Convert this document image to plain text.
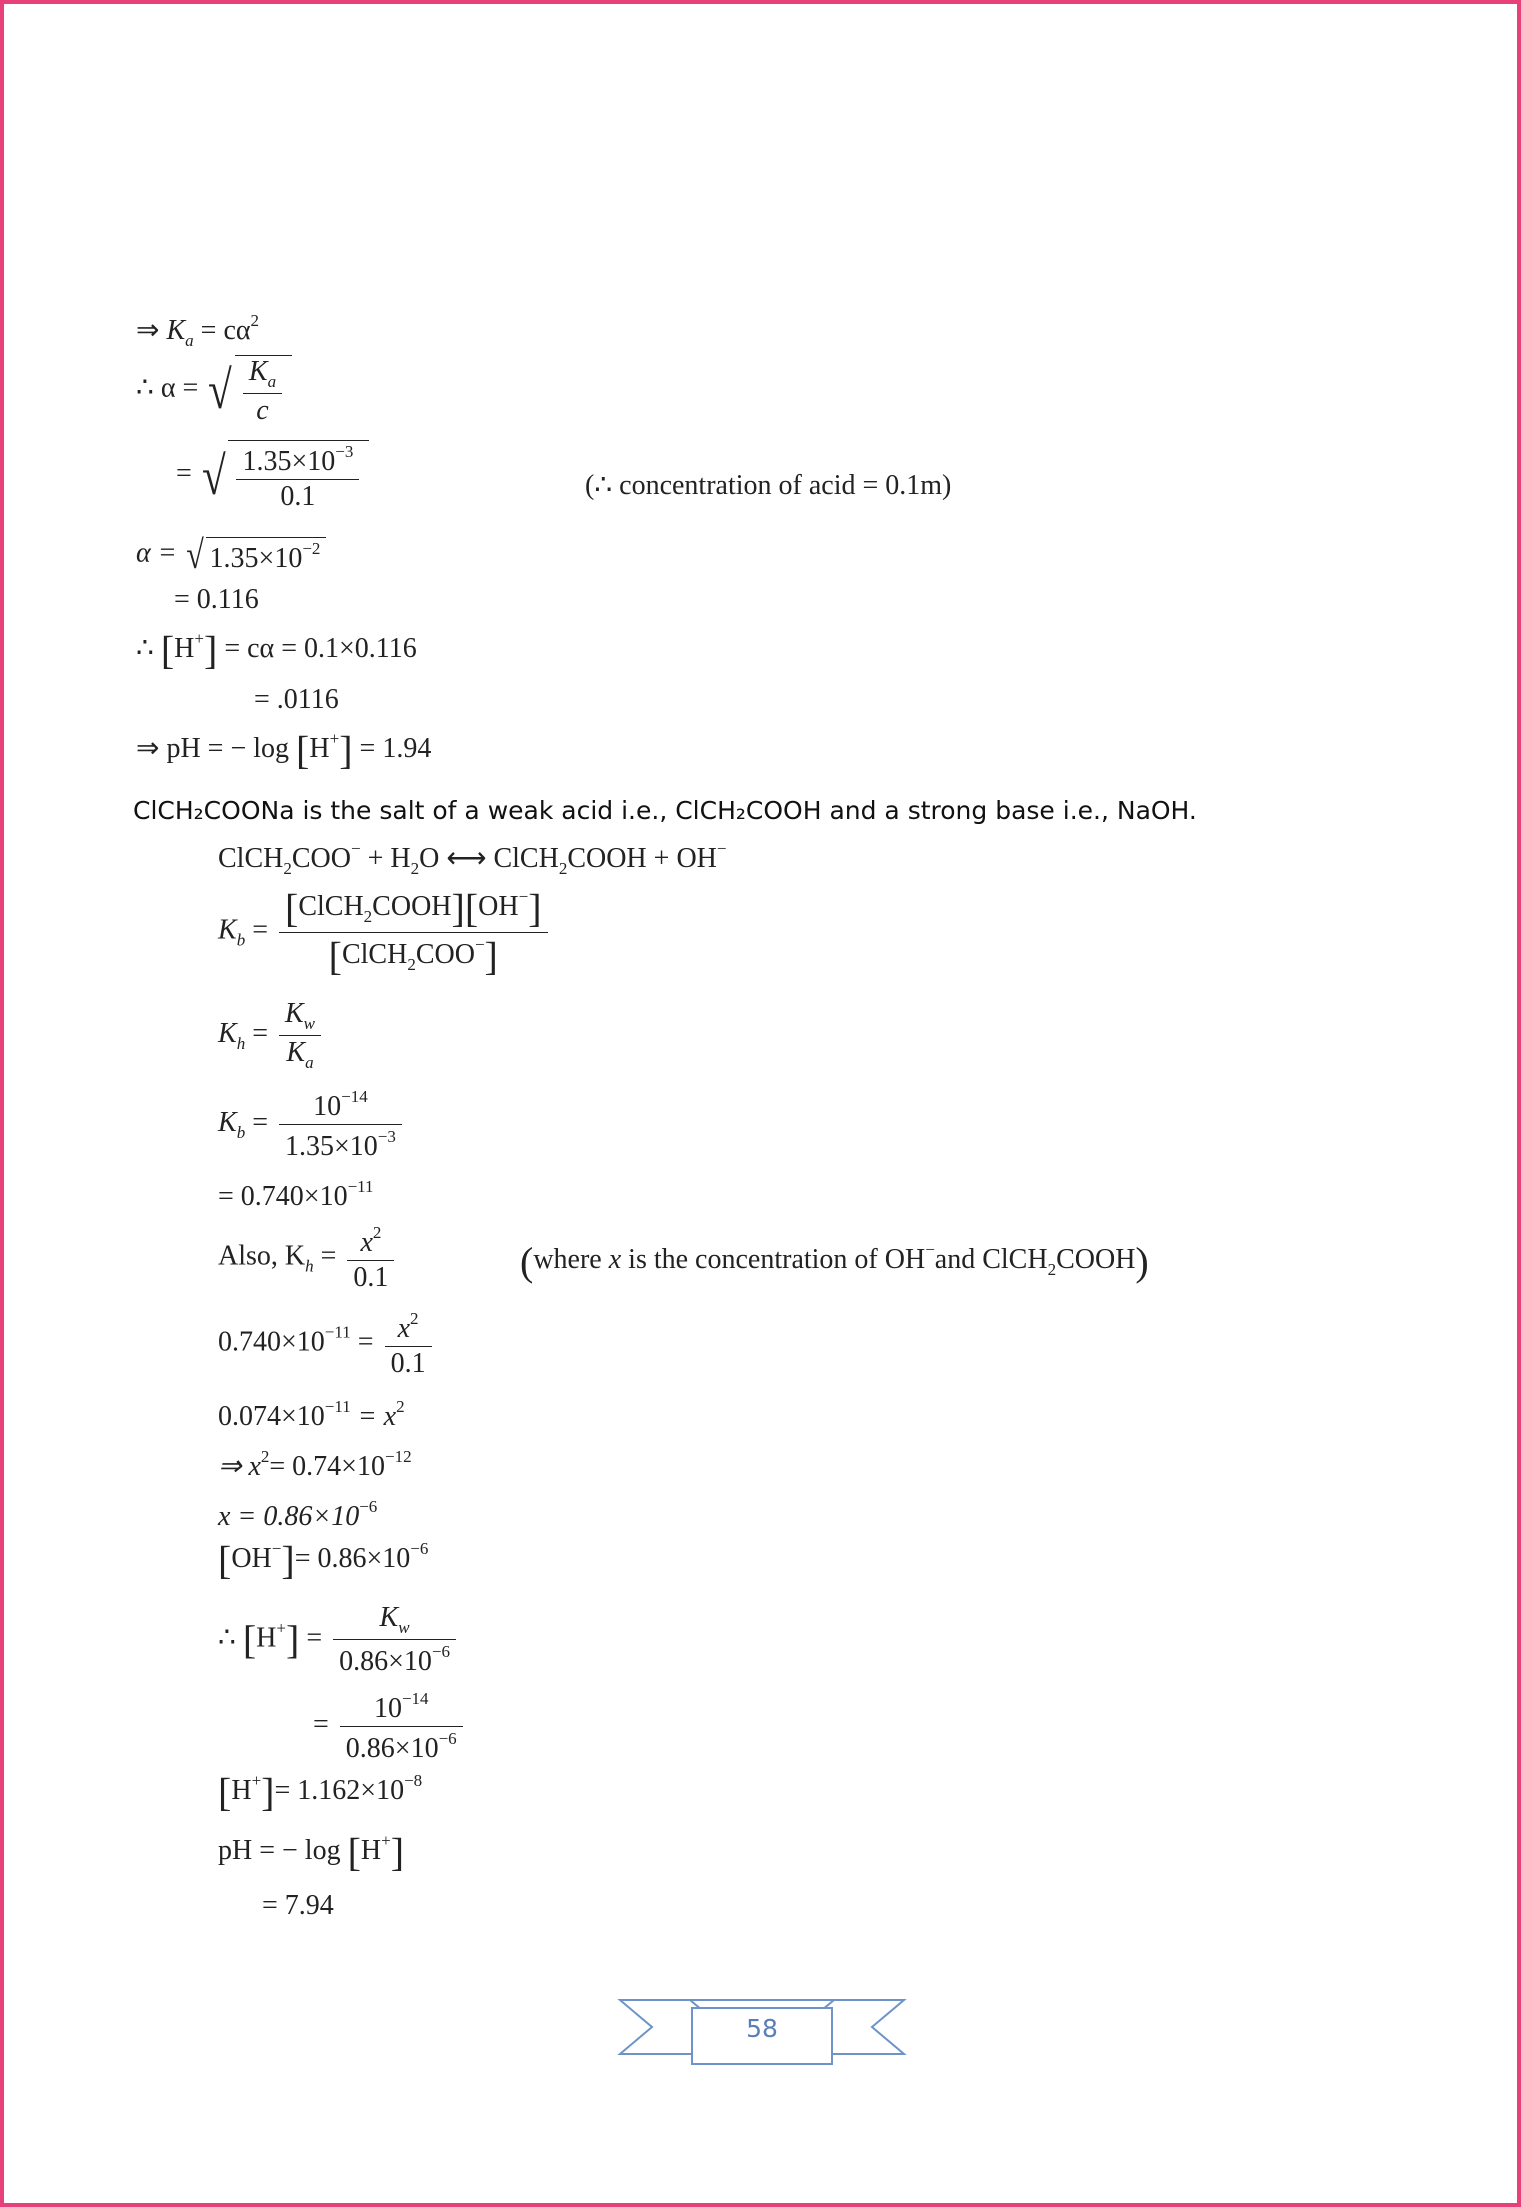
⇒ $K_a = c\alpha^2$
∴ α = √ $\frac{K_a}{c}$
= √ $\frac{1.35\times 10^{-3}}{0.1}$	(∴ concentration of acid = 0.1m)
α = √ $1.35\times 10^{-2}$
= 0.116
∴ [H+] = cα = 0.1×0.116
= .0116
⇒ pH = − log [H+] = 1.94
ClCH₂COONa is the salt of a weak acid i.e., ClCH₂COOH and a strong base i.e., NaOH.
ClCH$_2$COO− + $H_2O$ ⟷ ClCH$_2$COOH + OH−
$K_b = \frac{[ClCH_2COOH][OH^-]}{[ClCH_2COO^-]}$
$K_h = \frac{K_w}{K_a}$
$K_b = \frac{10^{-14}}{1.35\times 10^{-3}}$
= $0.740\times 10^{-11}$
Also, $K_h = \frac{x^2}{0.1}$	(where x is the concentration of OH−and ClCH$_2$COOH)
$0.740\times 10^{-11} = \frac{x^2}{0.1}$
$0.074\times 10^{-11} = x^2$
⇒ $x^2= 0.74\times 10^{-12}$
$x = 0.86\times 10^{-6}$
$[OH^-]= 0.86\times 10^{-6}$
∴ $[H^+] = \frac{K_w}{0.86\times 10^{-6}}$
= $\frac{10^{-14}}{0.86\times 10^{-6}}$
$[H^+]= 1.162\times 10^{-8}$
pH = − log [H+]
= 7.94
58
